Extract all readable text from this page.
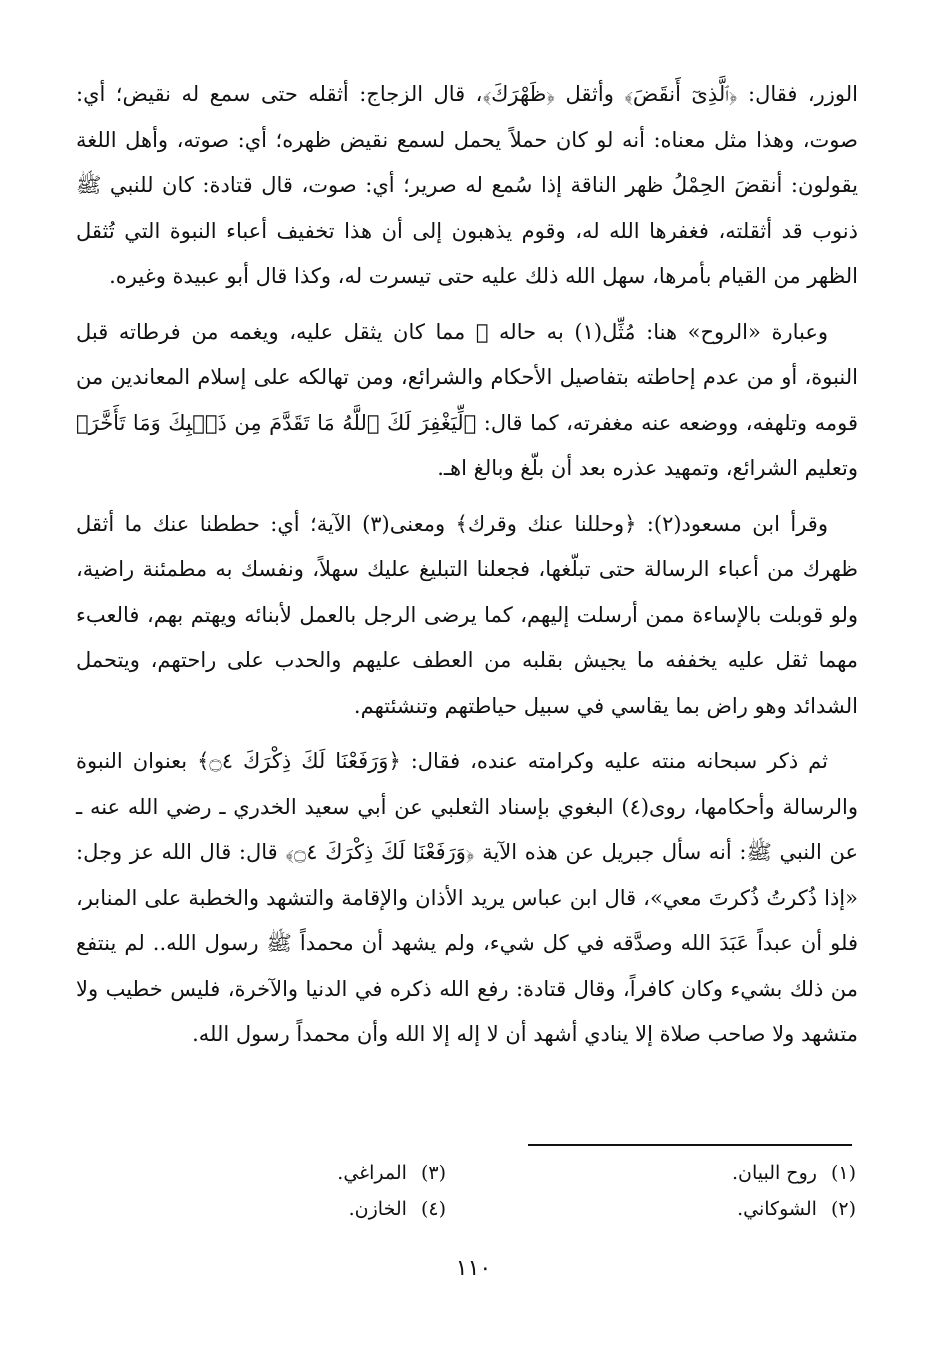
الوزر، فقال: ﴿ٱلَّذِىٓ أَنقَضَ﴾ وأثقل ﴿ظَهْرَكَ﴾، قال الزجاج: أثقله حتى سمع له نقيض؛ أي: صوت، وهذا مثل معناه: أنه لو كان حملاً يحمل لسمع نقيض ظهره؛ أي: صوته، وأهل اللغة يقولون: أنقضَ الحِمْلُ ظهر الناقة إذا سُمع له صرير؛ أي: صوت، قال قتادة: كان للنبي ﷺ ذنوب قد أثقلته، فغفرها الله له، وقوم يذهبون إلى أن هذا تخفيف أعباء النبوة التي تُثقل الظهر من القيام بأمرها، سهل الله ذلك عليه حتى تيسرت له، وكذا قال أبو عبيدة وغيره.

وعبارة «الروح» هنا: مُثِّل(١) به حاله ﷺ مما كان يثقل عليه، ويغمه من فرطاته قبل النبوة، أو من عدم إحاطته بتفاصيل الأحكام والشرائع، ومن تهالكه على إسلام المعاندين من قومه وتلهفه، ووضعه عنه مغفرته، كما قال: ﴿لِّيَغْفِرَ لَكَ ٱللَّهُ مَا تَقَدَّمَ مِن ذَنۢبِكَ وَمَا تَأَخَّرَ﴾ وتعليم الشرائع، وتمهيد عذره بعد أن بلّغ وبالغ اهـ.

وقرأ ابن مسعود(٢): ﴿وحللنا عنك وقرك﴾ ومعنى(٣) الآية؛ أي: حططنا عنك ما أثقل ظهرك من أعباء الرسالة حتى تبلّغها، فجعلنا التبليغ عليك سهلاً، ونفسك به مطمئنة راضية، ولو قوبلت بالإساءة ممن أرسلت إليهم، كما يرضى الرجل بالعمل لأبنائه ويهتم بهم، فالعبء مهما ثقل عليه يخففه ما يجيش بقلبه من العطف عليهم والحدب على راحتهم، ويتحمل الشدائد وهو راض بما يقاسي في سبيل حياطتهم وتنشئتهم.

ثم ذكر سبحانه منته عليه وكرامته عنده، فقال: ﴿وَرَفَعْنَا لَكَ ذِكْرَكَ ۝٤﴾ بعنوان النبوة والرسالة وأحكامها، روى(٤) البغوي بإسناد الثعلبي عن أبي سعيد الخدري ـ رضي الله عنه ـ عن النبي ﷺ: أنه سأل جبريل عن هذه الآية ﴿وَرَفَعْنَا لَكَ ذِكْرَكَ ۝٤﴾ قال: قال الله عز وجل: «إذا ذُكرتُ ذُكرتَ معي»، قال ابن عباس يريد الأذان والإقامة والتشهد والخطبة على المنابر، فلو أن عبداً عَبَدَ الله وصدَّقه في كل شيء، ولم يشهد أن محمداً ﷺ رسول الله.. لم ينتفع من ذلك بشيء وكان كافراً، وقال قتادة: رفع الله ذكره في الدنيا والآخرة، فليس خطيب ولا متشهد ولا صاحب صلاة إلا ينادي أشهد أن لا إله إلا الله وأن محمداً رسول الله.

(١)روح البيان.
(٢)الشوكاني.
(٣)المراغي.
(٤)الخازن.
١١٠
